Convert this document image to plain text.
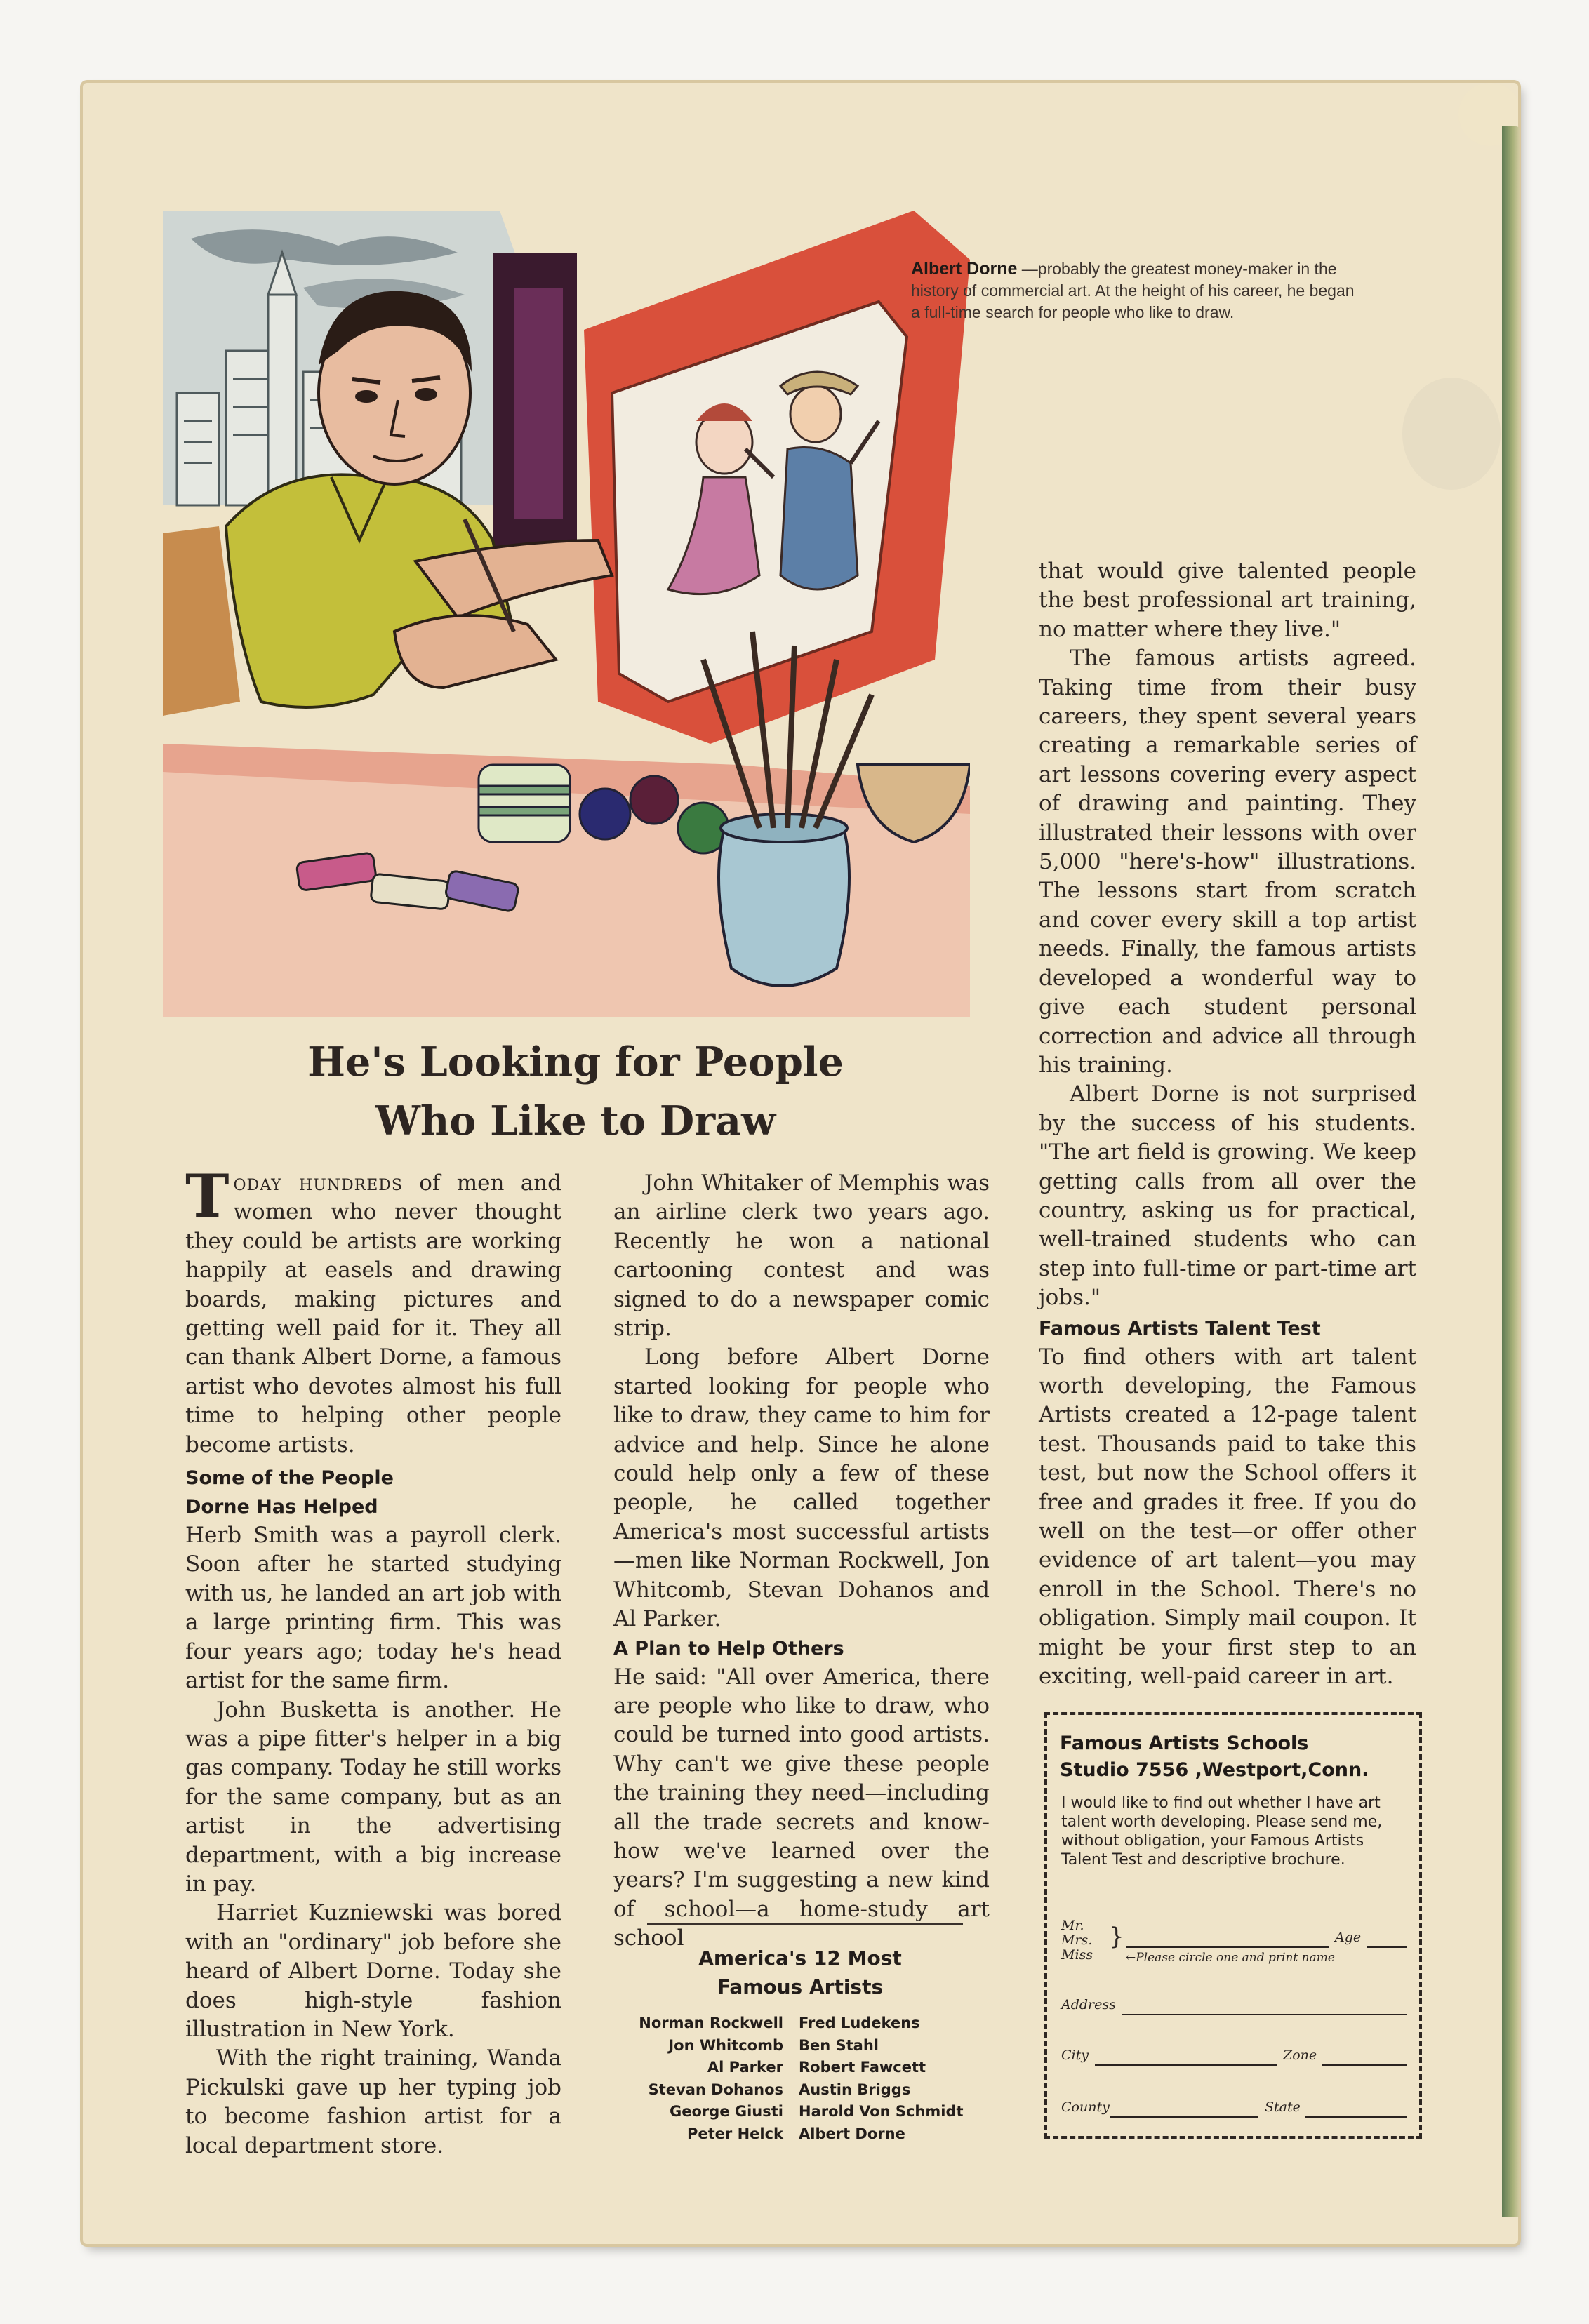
Albert Dorne —probably the greatest money-maker in the history of commercial art. At the height of his career, he began a full-time search for people who like to draw.
He's Looking for People
Who Like to Draw

Today hundreds of men and women who never thought they could be artists are working happily at easels and drawing boards, making pictures and getting well paid for it. They all can thank Albert Dorne, a famous artist who devotes almost his full time to helping other people become artists.

Some of the People
Dorne Has Helped

Herb Smith was a payroll clerk. Soon after he started studying with us, he landed an art job with a large printing firm. This was four years ago; today he's head artist for the same firm.

John Busketta is another. He was a pipe fitter's helper in a big gas company. Today he still works for the same company, but as an artist in the advertising department, with a big increase in pay.

Harriet Kuzniewski was bored with an "ordinary" job before she heard of Albert Dorne. Today she does high-style fashion illustration in New York.

With the right training, Wanda Pickulski gave up her typing job to become fashion artist for a local department store.

John Whitaker of Memphis was an airline clerk two years ago. Recently he won a national cartooning contest and was signed to do a newspaper comic strip.

Long before Albert Dorne started looking for people who like to draw, they came to him for advice and help. Since he alone could help only a few of these people, he called together America's most successful artists—men like Norman Rockwell, Jon Whitcomb, Stevan Dohanos and Al Parker.

A Plan to Help Others

He said: "All over America, there are people who like to draw, who could be turned into good artists. Why can't we give these people the training they need—including all the trade secrets and know-how we've learned over the years? I'm suggesting a new kind of school—a home-study art school

America's 12 Most
Famous Artists
Norman Rockwell	Fred Ludekens
Jon Whitcomb	Ben Stahl
Al Parker	Robert Fawcett
Stevan Dohanos	Austin Briggs
George Giusti	Harold Von Schmidt
Peter Helck	Albert Dorne

that would give talented people the best professional art training, no matter where they live."

The famous artists agreed. Taking time from their busy careers, they spent several years creating a remarkable series of art lessons covering every aspect of drawing and painting. They illustrated their lessons with over 5,000 "here's-how" illustrations. The lessons start from scratch and cover every skill a top artist needs. Finally, the famous artists developed a wonderful way to give each student personal correction and advice all through his training.

Albert Dorne is not surprised by the success of his students. "The art field is growing. We keep getting calls from all over the country, asking us for practical, well-trained students who can step into full-time or part-time art jobs."

Famous Artists Talent Test

To find others with art talent worth developing, the Famous Artists created a 12-page talent test. Thousands paid to take this test, but now the School offers it free and grades it free. If you do well on the test—or offer other evidence of art talent—you may enroll in the School. There's no obligation. Simply mail coupon. It might be your first step to an exciting, well-paid career in art.

Famous Artists Schools
Studio 7556 ,Westport,Conn.
I would like to find out whether I have art talent worth developing. Please send me, without obligation, your Famous Artists Talent Test and descriptive brochure.
Mr.
Mrs.
Miss
}	Age
←Please circle one and print name
Address
City	Zone
County	State
